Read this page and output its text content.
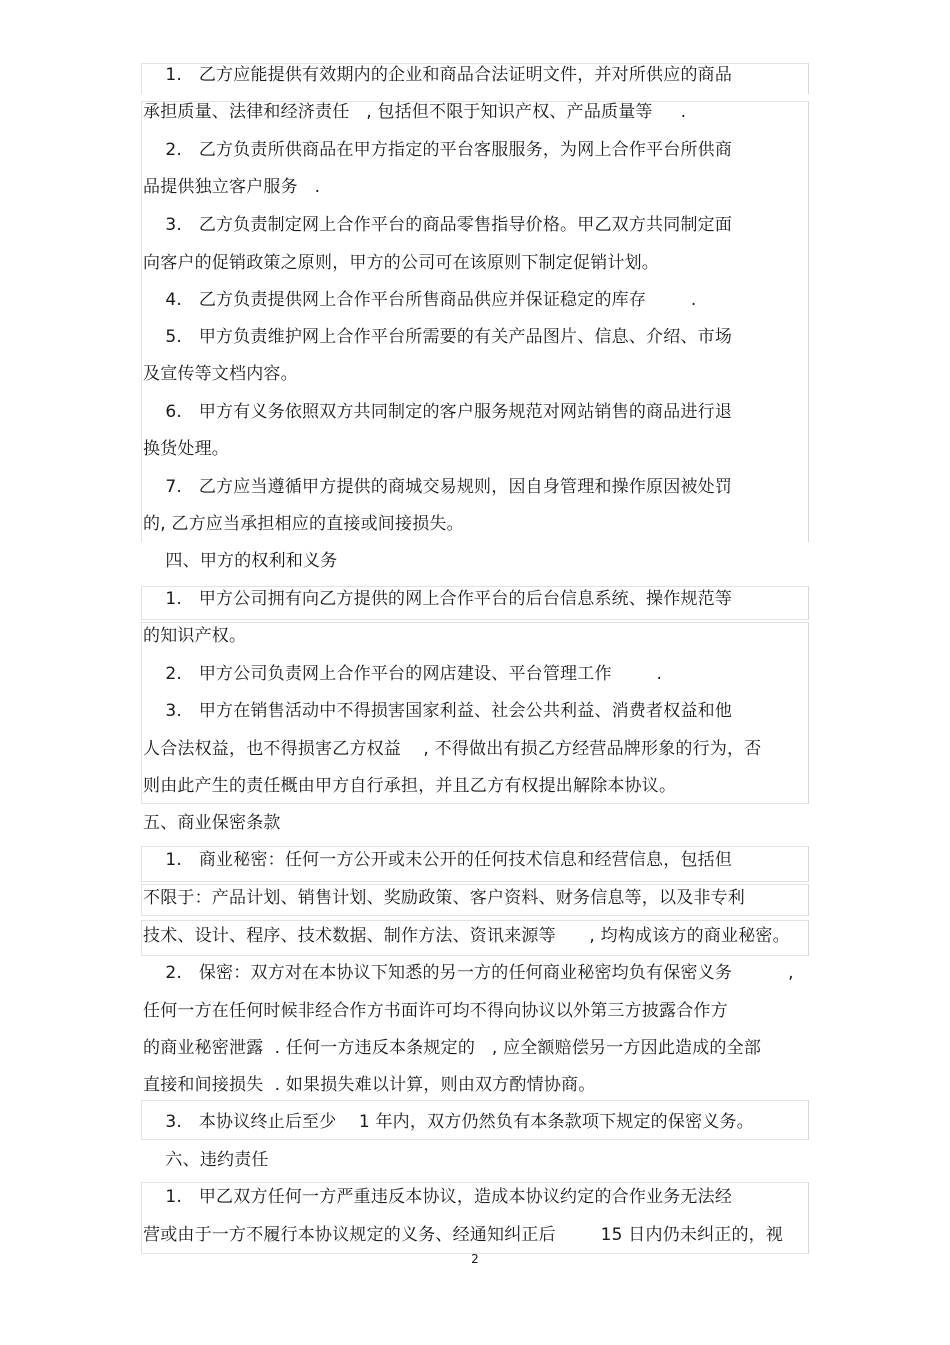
1.   乙方应能提供有效期内的企业和商品合法证明文件，并对所供应的商品
承担质量、法律和经济责任   , 包括但不限于知识产权、产品质量等     .
2.   乙方负责所供商品在甲方指定的平台客服服务，为网上合作平台所供商
品提供独立客户服务   .
3.   乙方负责制定网上合作平台的商品零售指导价格。甲乙双方共同制定面
向客户的促销政策之原则，甲方的公司可在该原则下制定促销计划。
4.   乙方负责提供网上合作平台所售商品供应并保证稳定的库存        .
5.   甲方负责维护网上合作平台所需要的有关产品图片、信息、介绍、市场
及宣传等文档内容。
6.   甲方有义务依照双方共同制定的客户服务规范对网站销售的商品进行退
换货处理。
7.   乙方应当遵循甲方提供的商城交易规则，因自身管理和操作原因被处罚
的, 乙方应当承担相应的直接或间接损失。
四、甲方的权利和义务
1.   甲方公司拥有向乙方提供的网上合作平台的后台信息系统、操作规范等
的知识产权。
2.   甲方公司负责网上合作平台的网店建设、平台管理工作        .
3.   甲方在销售活动中不得损害国家利益、社会公共利益、消费者权益和他
人合法权益，也不得损害乙方权益    , 不得做出有损乙方经营品牌形象的行为，否
则由此产生的责任概由甲方自行承担，并且乙方有权提出解除本协议。
五、商业保密条款
1.   商业秘密：任何一方公开或未公开的任何技术信息和经营信息，包括但
不限于：产品计划、销售计划、奖励政策、客户资料、财务信息等，以及非专利
技术、设计、程序、技术数据、制作方法、资讯来源等      , 均构成该方的商业秘密。
2.   保密：双方对在本协议下知悉的另一方的任何商业秘密均负有保密义务          ,
任何一方在任何时候非经合作方书面许可均不得向协议以外第三方披露合作方
的商业秘密泄露  . 任何一方违反本条规定的   , 应全额赔偿另一方因此造成的全部
直接和间接损失  . 如果损失难以计算，则由双方酌情协商。
3.   本协议终止后至少    1 年内，双方仍然负有本条款项下规定的保密义务。
六、违约责任
1.   甲乙双方任何一方严重违反本协议，造成本协议约定的合作业务无法经
营或由于一方不履行本协议规定的义务、经通知纠正后        15 日内仍未纠正的，视
2
